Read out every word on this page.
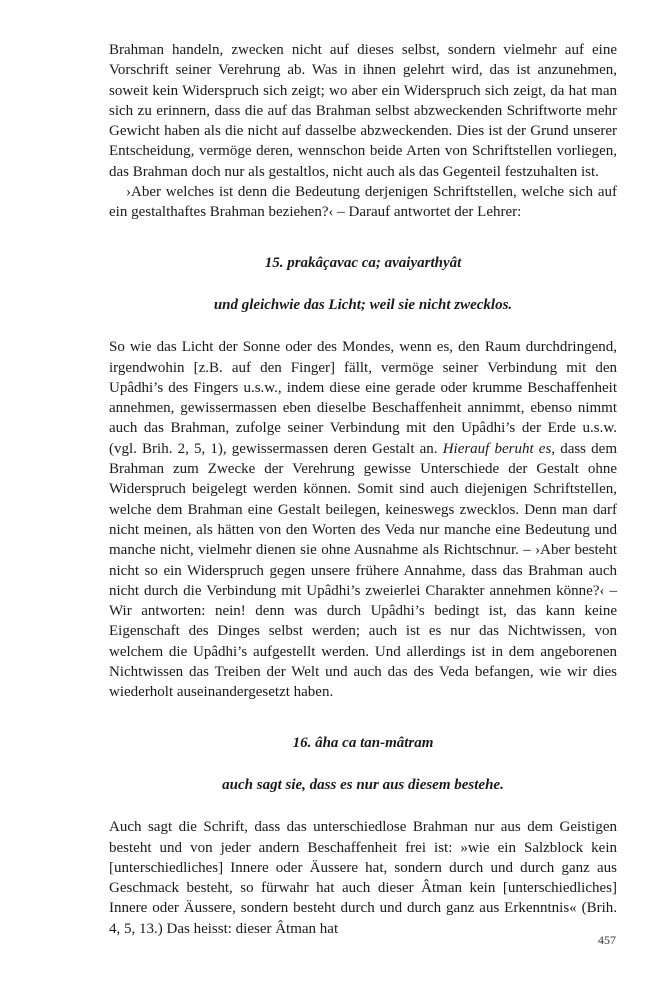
Brahman handeln, zwecken nicht auf dieses selbst, sondern vielmehr auf eine Vorschrift seiner Verehrung ab. Was in ihnen gelehrt wird, das ist anzunehmen, soweit kein Widerspruch sich zeigt; wo aber ein Widerspruch sich zeigt, da hat man sich zu erinnern, dass die auf das Brahman selbst abzweckenden Schriftworte mehr Gewicht haben als die nicht auf dasselbe abzweckenden. Dies ist der Grund unserer Entscheidung, vermöge deren, wennschon beide Arten von Schriftstellen vorliegen, das Brahman doch nur als gestaltlos, nicht auch als das Gegenteil festzuhalten ist.

›Aber welches ist denn die Bedeutung derjenigen Schriftstellen, welche sich auf ein gestalthaftes Brahman beziehen?‹ – Darauf antwortet der Lehrer:

15. prakâçavac ca; avaiyarthyât

und gleichwie das Licht; weil sie nicht zwecklos.

So wie das Licht der Sonne oder des Mondes, wenn es, den Raum durchdringend, irgendwohin [z.B. auf den Finger] fällt, vermöge seiner Verbindung mit den Upâdhi’s des Fingers u.s.w., indem diese eine gerade oder krumme Beschaffenheit annehmen, gewissermassen eben dieselbe Beschaffenheit annimmt, ebenso nimmt auch das Brahman, zufolge seiner Verbindung mit den Upâdhi’s der Erde u.s.w. (vgl. Brih. 2, 5, 1), gewissermassen deren Gestalt an. Hierauf beruht es, dass dem Brahman zum Zwecke der Verehrung gewisse Unterschiede der Gestalt ohne Widerspruch beigelegt werden können. Somit sind auch diejenigen Schriftstellen, welche dem Brahman eine Gestalt beilegen, keineswegs zwecklos. Denn man darf nicht meinen, als hätten von den Worten des Veda nur manche eine Bedeutung und manche nicht, vielmehr dienen sie ohne Ausnahme als Richtschnur. – ›Aber besteht nicht so ein Widerspruch gegen unsere frühere Annahme, dass das Brahman auch nicht durch die Verbindung mit Upâdhi’s zweierlei Charakter annehmen könne?‹ – Wir antworten: nein! denn was durch Upâdhi’s bedingt ist, das kann keine Eigenschaft des Dinges selbst werden; auch ist es nur das Nichtwissen, von welchem die Upâdhi’s aufgestellt werden. Und allerdings ist in dem angeborenen Nichtwissen das Treiben der Welt und auch das des Veda befangen, wie wir dies wiederholt auseinandergesetzt haben.

16. âha ca tan-mâtram

auch sagt sie, dass es nur aus diesem bestehe.

Auch sagt die Schrift, dass das unterschiedlose Brahman nur aus dem Geistigen besteht und von jeder andern Beschaffenheit frei ist: »wie ein Salzblock kein [unterschiedliches] Innere oder Äussere hat, sondern durch und durch ganz aus Geschmack besteht, so fürwahr hat auch dieser Âtman kein [unterschiedliches] Innere oder Äussere, sondern besteht durch und durch ganz aus Erkenntnis« (Brih. 4, 5, 13.) Das heisst: dieser Âtman hat

457
